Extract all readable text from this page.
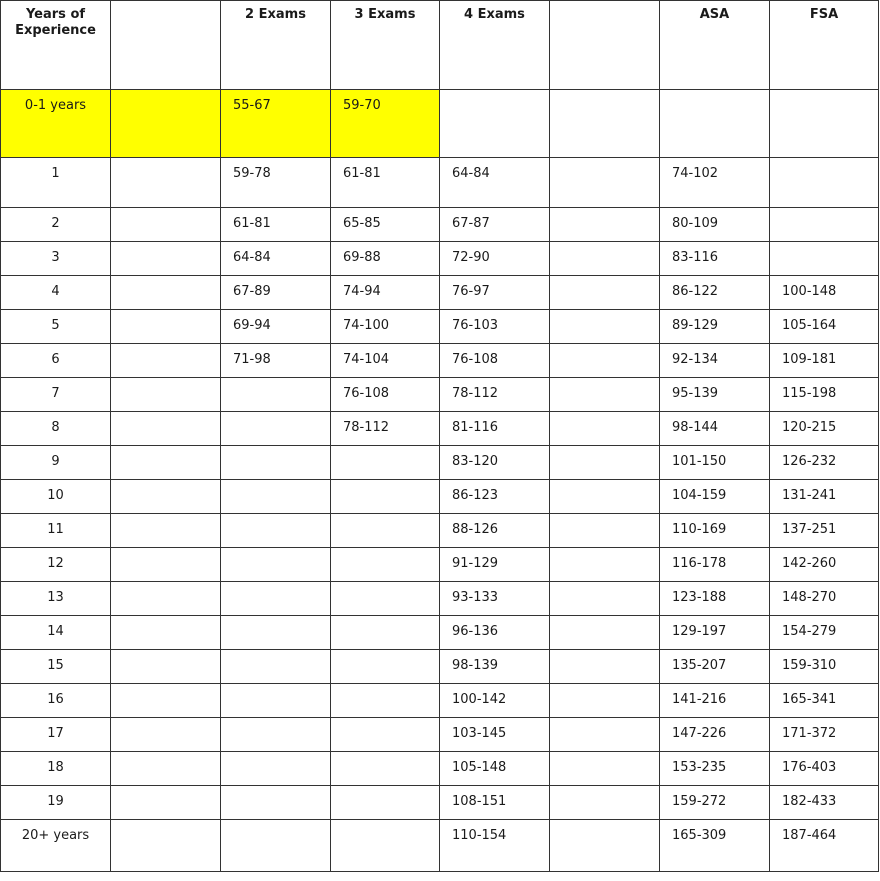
Years of
Experience		2 Exams	3 Exams	4 Exams		ASA	FSA
0-1 years		55-67	59-70				
1		59-78	61-81	64-84		74-102	
2		61-81	65-85	67-87		80-109	
3		64-84	69-88	72-90		83-116	
4		67-89	74-94	76-97		86-122	100-148
5		69-94	74-100	76-103		89-129	105-164
6		71-98	74-104	76-108		92-134	109-181
7			76-108	78-112		95-139	115-198
8			78-112	81-116		98-144	120-215
9				83-120		101-150	126-232
10				86-123		104-159	131-241
11				88-126		110-169	137-251
12				91-129		116-178	142-260
13				93-133		123-188	148-270
14				96-136		129-197	154-279
15				98-139		135-207	159-310
16				100-142		141-216	165-341
17				103-145		147-226	171-372
18				105-148		153-235	176-403
19				108-151		159-272	182-433
20+ years				110-154		165-309	187-464
